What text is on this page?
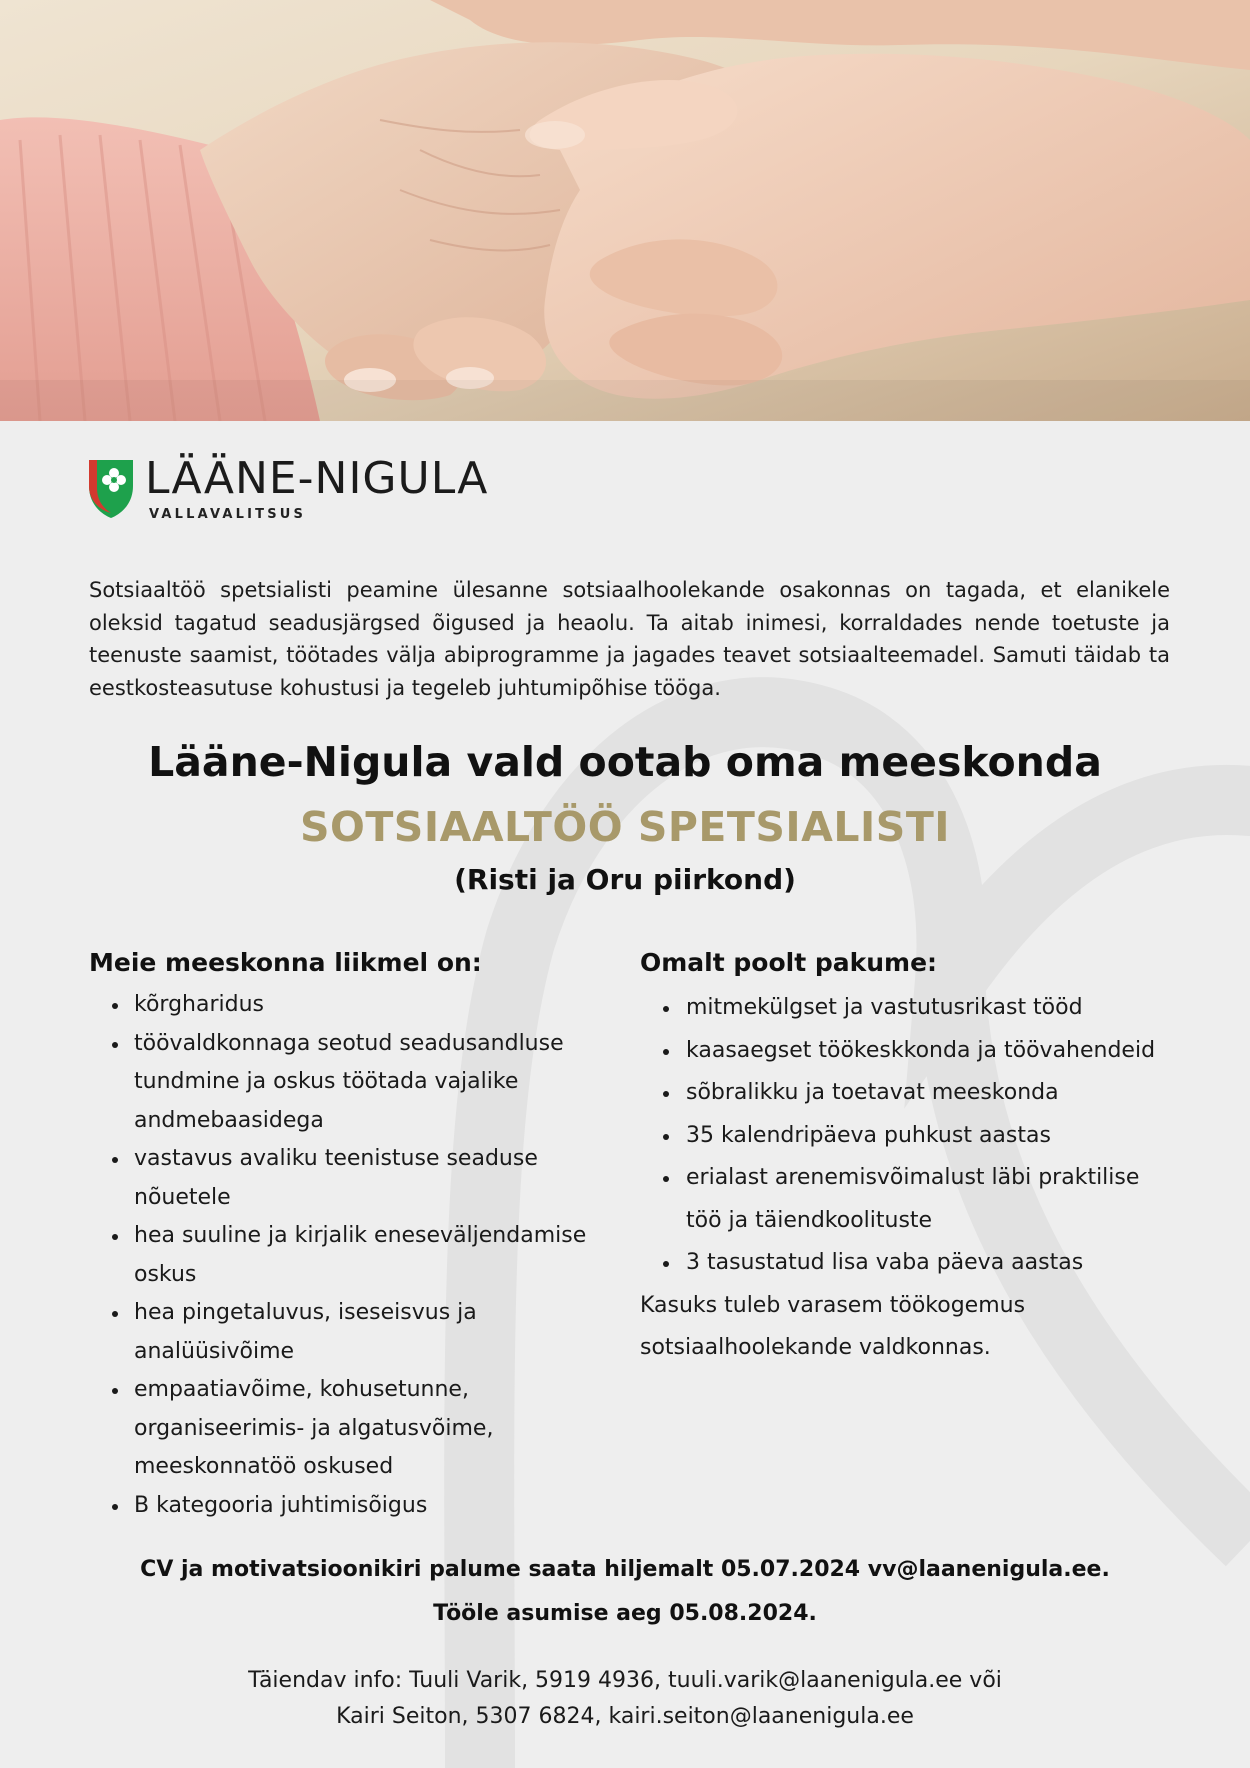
LÄÄNE-NIGULA
VALLAVALITSUS

Sotsiaaltöö spetsialisti peamine ülesanne sotsiaalhoolekande osakonnas on tagada, et elanikele oleksid tagatud seadusjärgsed õigused ja heaolu. Ta aitab inimesi, korraldades nende toetuste ja teenuste saamist, töötades välja abiprogramme ja jagades teavet sotsiaalteemadel. Samuti täidab ta eestkosteasutuse kohustusi ja tegeleb juhtumipõhise tööga.

Lääne-Nigula vald ootab oma meeskonda
SOTSIAALTÖÖ SPETSIALISTI
(Risti ja Oru piirkond)
Meie meeskonna liikmel on:
kõrgharidus
töövaldkonnaga seotud seadusandluse tundmine ja oskus töötada vajalike andmebaasidega
vastavus avaliku teenistuse seaduse nõuetele
hea suuline ja kirjalik eneseväljendamise oskus
hea pingetaluvus, iseseisvus ja analüüsivõime
empaatiavõime, kohusetunne, organiseerimis- ja algatusvõime, meeskonnatöö oskused
B kategooria juhtimisõigus
Omalt poolt pakume:
mitmekülgset ja vastutusrikast tööd
kaasaegset töökeskkonda ja töövahendeid
sõbralikku ja toetavat meeskonda
35 kalendripäeva puhkust aastas
erialast arenemisvõimalust läbi praktilise töö ja täiendkoolituste
3 tasustatud lisa vaba päeva aastas
Kasuks tuleb varasem töökogemus sotsiaalhoolekande valdkonnas.
CV ja motivatsioonikiri palume saata hiljemalt 05.07.2024 vv@laanenigula.ee.
Tööle asumise aeg 05.08.2024.
Täiendav info: Tuuli Varik, 5919 4936, tuuli.varik@laanenigula.ee või
Kairi Seiton, 5307 6824, kairi.seiton@laanenigula.ee
